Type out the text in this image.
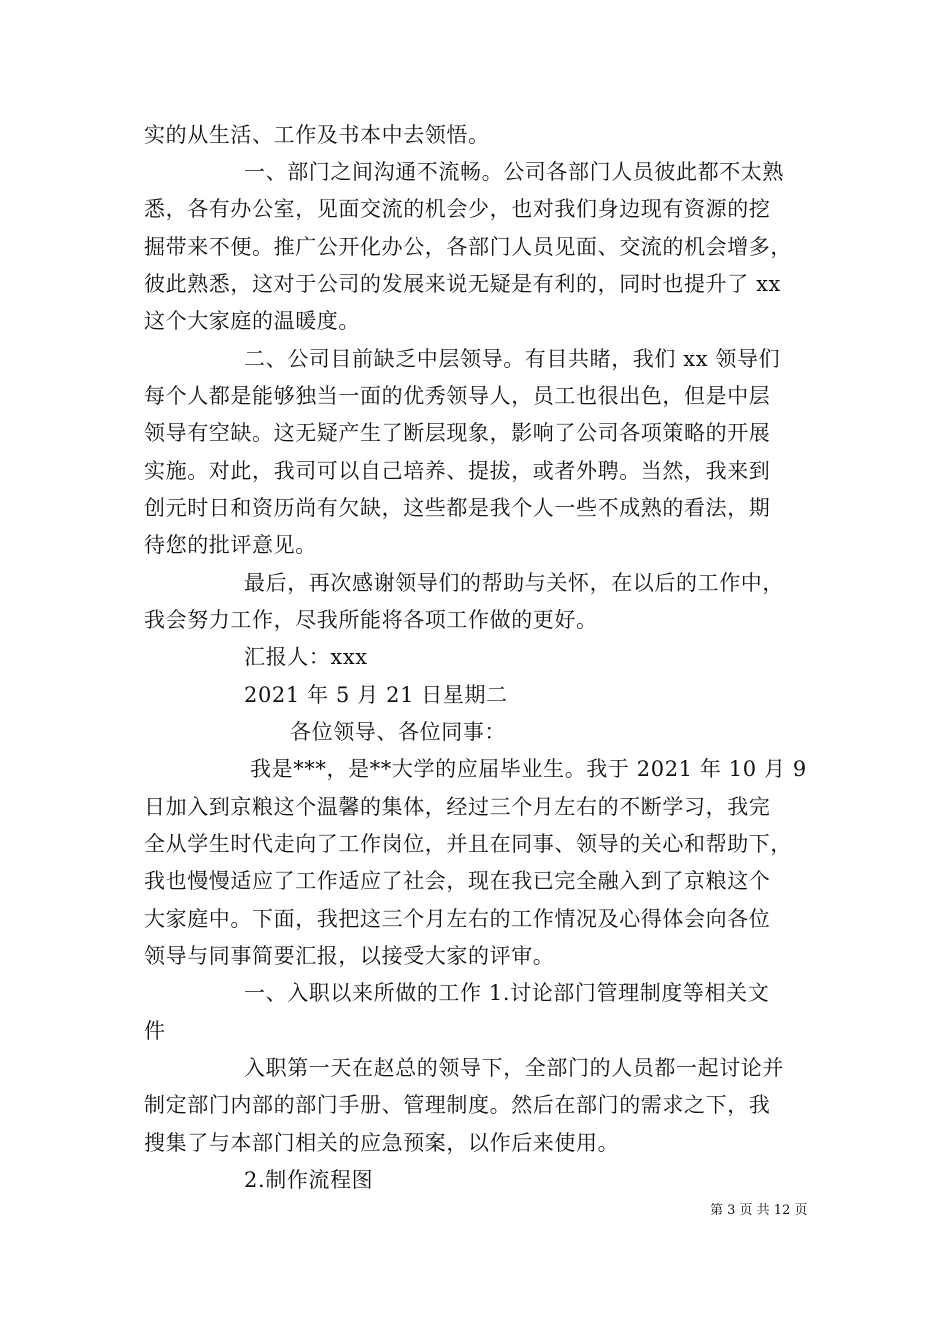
实的从生活、工作及书本中去领悟。
一、部门之间沟通不流畅。公司各部门人员彼此都不太熟
悉，各有办公室，见面交流的机会少，也对我们身边现有资源的挖
掘带来不便。推广公开化办公，各部门人员见面、交流的机会增多，
彼此熟悉，这对于公司的发展来说无疑是有利的，同时也提升了 xx
这个大家庭的温暖度。
二、公司目前缺乏中层领导。有目共睹，我们 xx 领导们
每个人都是能够独当一面的优秀领导人，员工也很出色，但是中层
领导有空缺。这无疑产生了断层现象，影响了公司各项策略的开展
实施。对此，我司可以自己培养、提拔，或者外聘。当然，我来到
创元时日和资历尚有欠缺，这些都是我个人一些不成熟的看法，期
待您的批评意见。
最后，再次感谢领导们的帮助与关怀，在以后的工作中，
我会努力工作，尽我所能将各项工作做的更好。
汇报人：xxx
2021 年 5 月 21 日星期二
各位领导、各位同事：
我是***，是**大学的应届毕业生。我于 2021 年 10 月 9
日加入到京粮这个温馨的集体，经过三个月左右的不断学习，我完
全从学生时代走向了工作岗位，并且在同事、领导的关心和帮助下，
我也慢慢适应了工作适应了社会，现在我已完全融入到了京粮这个
大家庭中。下面，我把这三个月左右的工作情况及心得体会向各位
领导与同事简要汇报，以接受大家的评审。
一、入职以来所做的工作 1.讨论部门管理制度等相关文
件
入职第一天在赵总的领导下，全部门的人员都一起讨论并
制定部门内部的部门手册、管理制度。然后在部门的需求之下，我
搜集了与本部门相关的应急预案，以作后来使用。
2.制作流程图
第 3 页 共 12 页
